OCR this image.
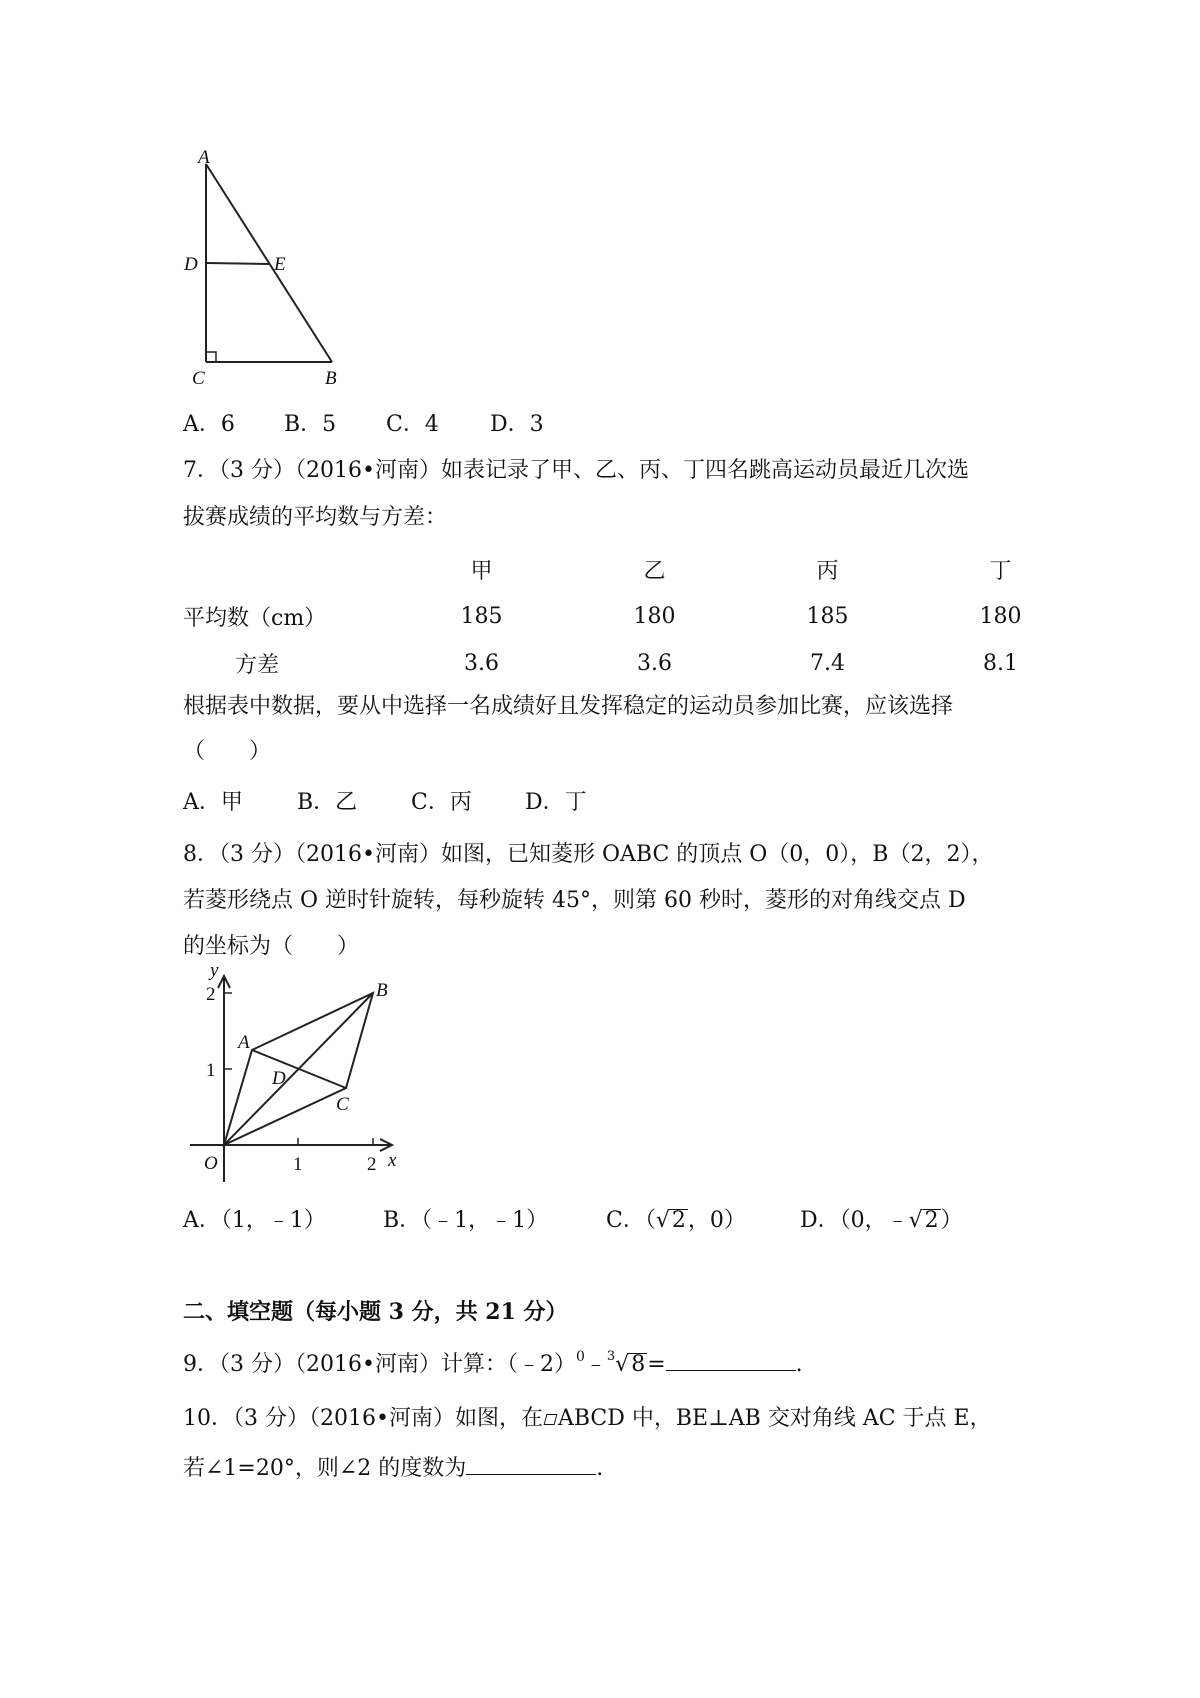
A
D	E
C	B
A．6 B．5 C．4 D．3
7．（3 分）（2016•河南）如表记录了甲、乙、丙、丁四名跳高运动员最近几次选
拔赛成绩的平均数与方差：
	甲	乙	丙	丁
平均数（cm）	185	180	185	180
方差	3.6	3.6	7.4	8.1
根据表中数据，要从中选择一名成绩好且发挥稳定的运动员参加比赛，应该选择
（　　）
A．甲 B．乙 C．丙 D．丁
8．（3 分）（2016•河南）如图，已知菱形 OABC 的顶点 O（0，0），B（2，2），
若菱形绕点 O 逆时针旋转，每秒旋转 45°，则第 60 秒时，菱形的对角线交点 D
的坐标为（　　）
y
x
2
1
1	2
O
A
B
C
D
A．（1，﹣1）	B．（﹣1，﹣1）	C．（√2，0） D．（0，﹣√2）
二、填空题（每小题 3 分，共 21 分）
9．（3 分）（2016•河南）计算：（﹣2）$^0$﹣$^3$√8=	.
10．（3 分）（2016•河南）如图，在 ABCD 中，BE⊥AB 交对角线 AC 于点 E，
若∠1=20°，则∠2 的度数为	.
